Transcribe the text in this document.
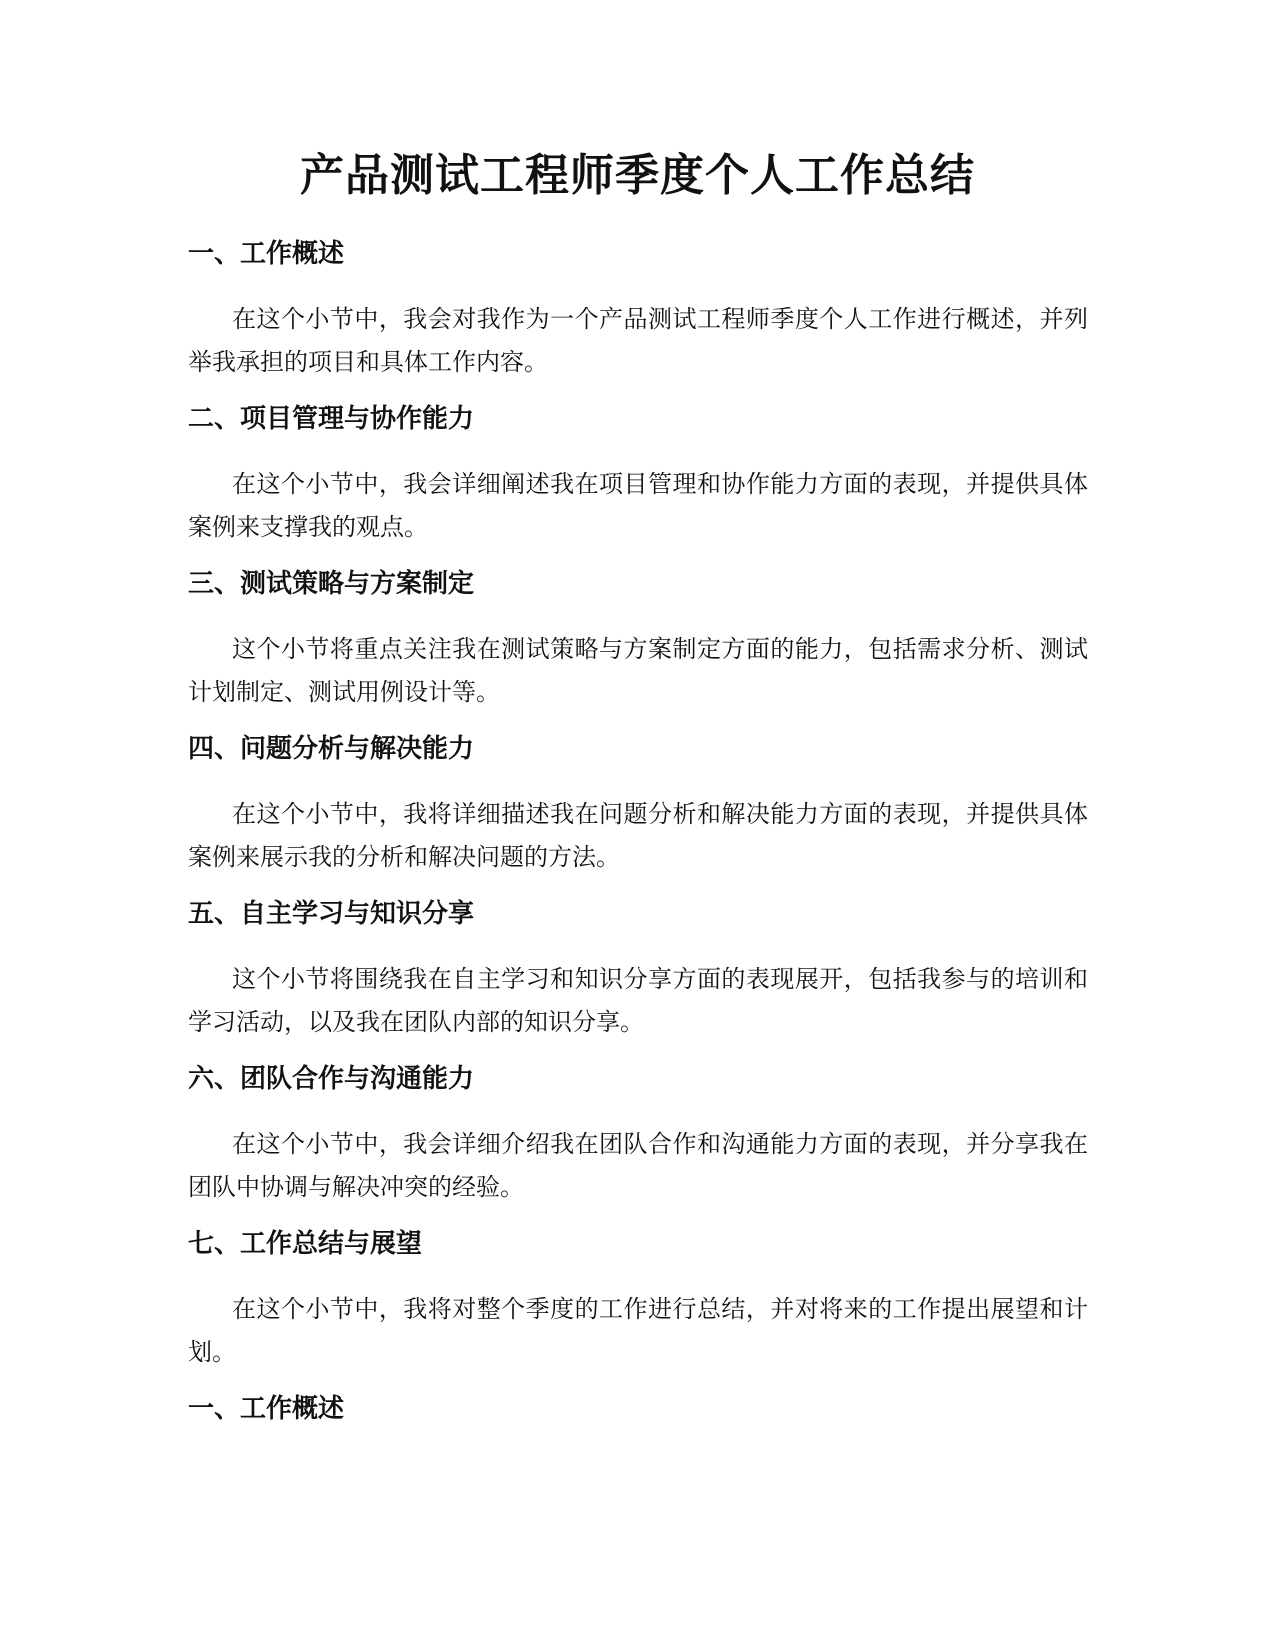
产品测试工程师季度个人工作总结
一、工作概述

在这个小节中，我会对我作为一个产品测试工程师季度个人工作进行概述，并列举我承担的项目和具体工作内容。

二、项目管理与协作能力

在这个小节中，我会详细阐述我在项目管理和协作能力方面的表现，并提供具体案例来支撑我的观点。

三、测试策略与方案制定

这个小节将重点关注我在测试策略与方案制定方面的能力，包括需求分析、测试计划制定、测试用例设计等。

四、问题分析与解决能力

在这个小节中，我将详细描述我在问题分析和解决能力方面的表现，并提供具体案例来展示我的分析和解决问题的方法。

五、自主学习与知识分享

这个小节将围绕我在自主学习和知识分享方面的表现展开，包括我参与的培训和学习活动，以及我在团队内部的知识分享。

六、团队合作与沟通能力

在这个小节中，我会详细介绍我在团队合作和沟通能力方面的表现，并分享我在团队中协调与解决冲突的经验。

七、工作总结与展望

在这个小节中，我将对整个季度的工作进行总结，并对将来的工作提出展望和计划。

一、工作概述
